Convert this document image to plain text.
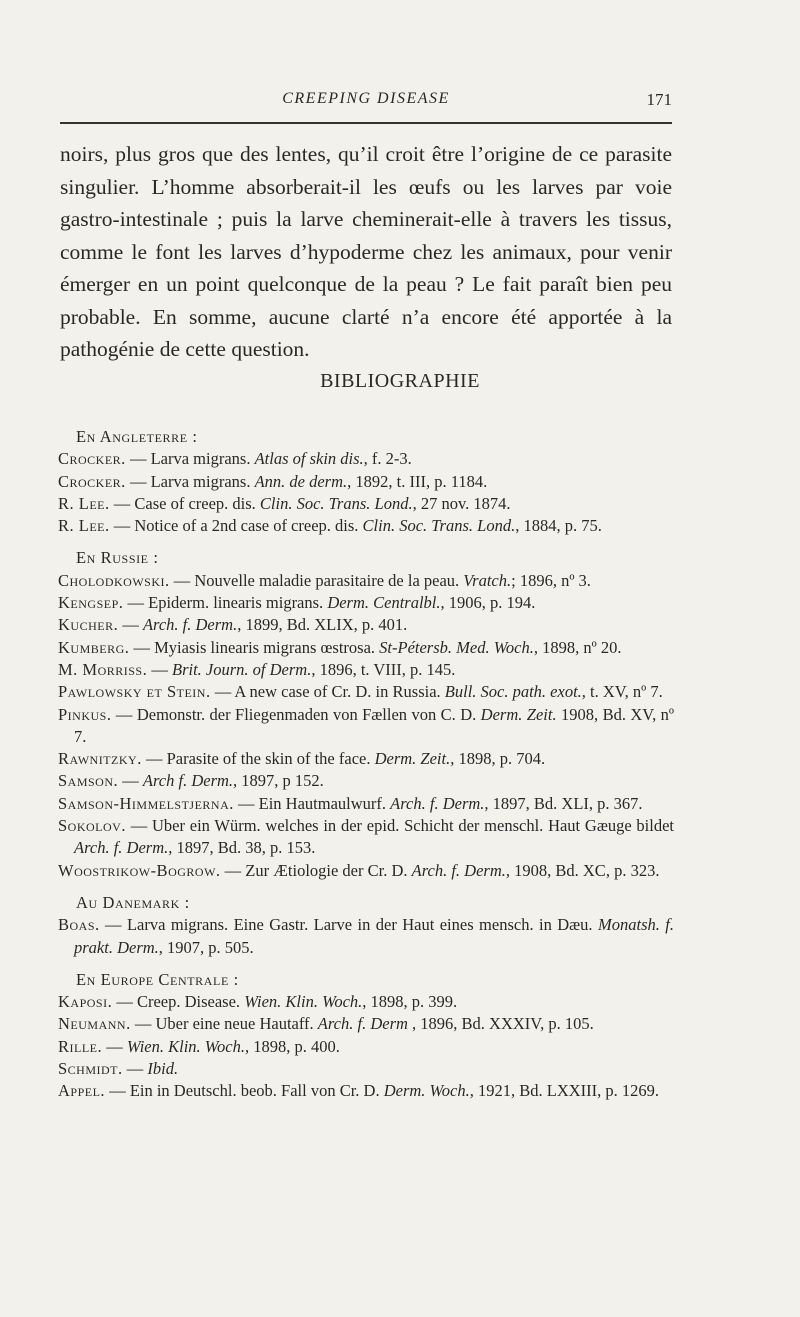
CREEPING DISEASE	171

noirs, plus gros que des lentes, qu’il croit être l’origine de ce parasite singulier. L’homme absorberait-il les œufs ou les larves par voie gastro-intestinale ; puis la larve cheminerait-elle à travers les tissus, comme le font les larves d’hypoderme chez les animaux, pour venir émerger en un point quelconque de la peau ? Le fait paraît bien peu probable. En somme, aucune clarté n’a encore été apportée à la pathogénie de cette question.

BIBLIOGRAPHIE

En Angleterre :

Crocker. — Larva migrans. Atlas of skin dis., f. 2-3.

Crocker. — Larva migrans. Ann. de derm., 1892, t. III, p. 1184.

R. Lee. — Case of creep. dis. Clin. Soc. Trans. Lond., 27 nov. 1874.

R. Lee. — Notice of a 2nd case of creep. dis. Clin. Soc. Trans. Lond., 1884, p. 75.

En Russie :

Cholodkowski. — Nouvelle maladie parasitaire de la peau. Vratch.; 1896, nº 3.

Kengsep. — Epiderm. linearis migrans. Derm. Centralbl., 1906, p. 194.

Kucher. — Arch. f. Derm., 1899, Bd. XLIX, p. 401.

Kumberg. — Myiasis linearis migrans œstrosa. St-Pétersb. Med. Woch., 1898, nº 20.

M. Morriss. — Brit. Journ. of Derm., 1896, t. VIII, p. 145.

Pawlowsky et Stein. — A new case of Cr. D. in Russia. Bull. Soc. path. exot., t. XV, nº 7.

Pinkus. — Demonstr. der Fliegenmaden von Fællen von C. D. Derm. Zeit. 1908, Bd. XV, nº 7.

Rawnitzky. — Parasite of the skin of the face. Derm. Zeit., 1898, p. 704.

Samson. — Arch f. Derm., 1897, p 152.

Samson-Himmelstjerna. — Ein Hautmaulwurf. Arch. f. Derm., 1897, Bd. XLI, p. 367.

Sokolov. — Uber ein Würm. welches in der epid. Schicht der menschl. Haut Gæuge bildet Arch. f. Derm., 1897, Bd. 38, p. 153.

Woostrikow-Bogrow. — Zur Ætiologie der Cr. D. Arch. f. Derm., 1908, Bd. XC, p. 323.

Au Danemark :

Boas. — Larva migrans. Eine Gastr. Larve in der Haut eines mensch. in Dæu. Monatsh. f. prakt. Derm., 1907, p. 505.

En Europe Centrale :

Kaposi. — Creep. Disease. Wien. Klin. Woch., 1898, p. 399.

Neumann. — Uber eine neue Hautaff. Arch. f. Derm , 1896, Bd. XXXIV, p. 105.

Rille. — Wien. Klin. Woch., 1898, p. 400.

Schmidt. — Ibid.

Appel. — Ein in Deutschl. beob. Fall von Cr. D. Derm. Woch., 1921, Bd. LXXIII, p. 1269.
